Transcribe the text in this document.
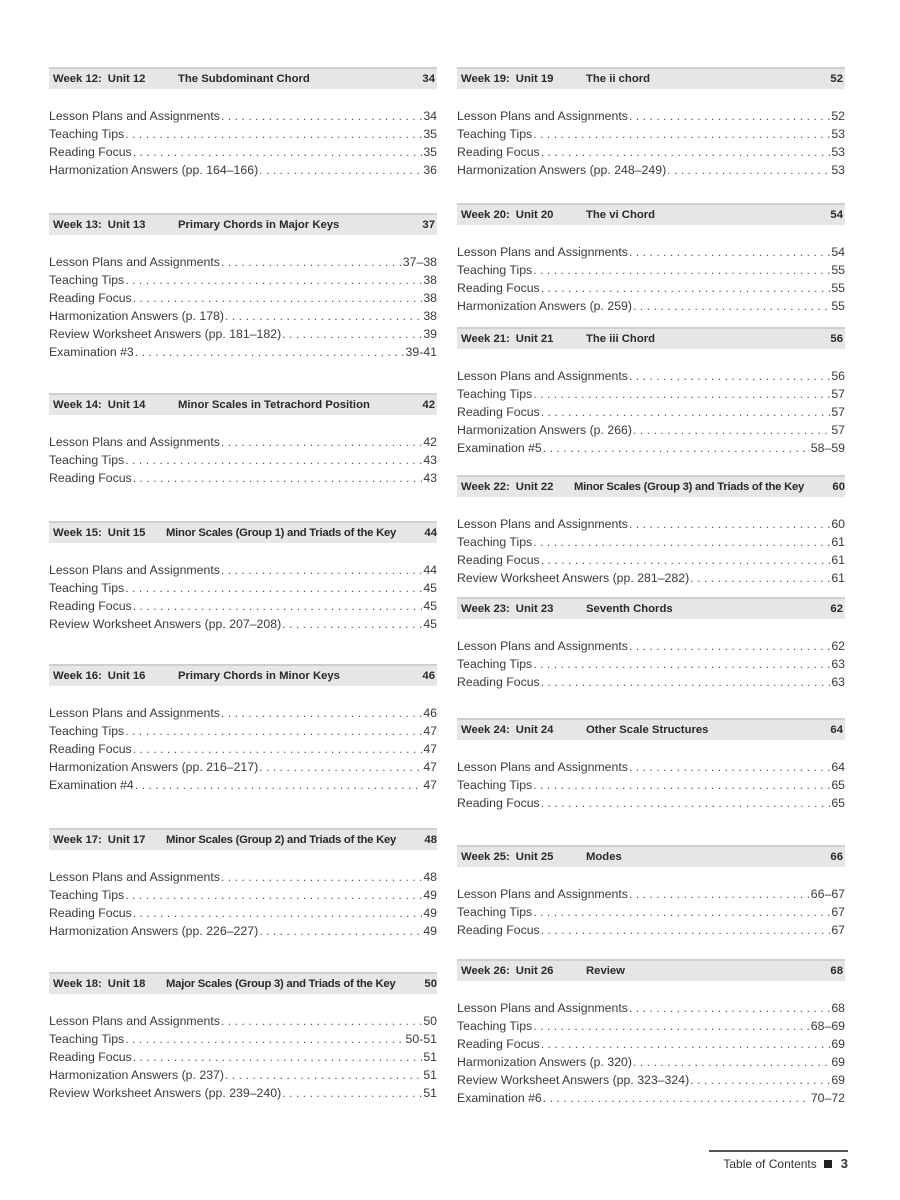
Week 12: Unit 12	The Subdominant Chord	34
Lesson Plans and Assignments . . .	34
Teaching Tips . . .	35
Reading Focus . . .	35
Harmonization Answers (pp. 164–166) . . .	36
Week 13: Unit 13	Primary Chords in Major Keys	37
Lesson Plans and Assignments . . .	37–38
Teaching Tips . . .	38
Reading Focus . . .	38
Harmonization Answers (p. 178) . . .	38
Review Worksheet Answers (pp. 181–182) . . .	39
Examination #3 . . .	39-41
Week 14: Unit 14	Minor Scales in Tetrachord Position	42
Lesson Plans and Assignments . . .	42
Teaching Tips . . .	43
Reading Focus . . .	43
Week 15: Unit 15 Minor Scales (Group 1) and Triads of the Key	44
Lesson Plans and Assignments . . .	44
Teaching Tips . . .	45
Reading Focus . . .	45
Review Worksheet Answers (pp. 207–208) . . .	45
Week 16: Unit 16	Primary Chords in Minor Keys	46
Lesson Plans and Assignments . . .	46
Teaching Tips . . .	47
Reading Focus . . .	47
Harmonization Answers (pp. 216–217) . . .	47
Examination #4 . . .	47
Week 17: Unit 17 Minor Scales (Group 2) and Triads of the Key	48
Lesson Plans and Assignments . . .	48
Teaching Tips . . .	49
Reading Focus . . .	49
Harmonization Answers (pp. 226–227) . . .	49
Week 18: Unit 18 Major Scales (Group 3) and Triads of the Key	50
Lesson Plans and Assignments . . .	50
Teaching Tips . . .	50-51
Reading Focus . . .	51
Harmonization Answers (p. 237) . . .	51
Review Worksheet Answers (pp. 239–240) . . .	51
Week 19: Unit 19	The ii chord	52
Lesson Plans and Assignments . . .	52
Teaching Tips . . .	53
Reading Focus . . .	53
Harmonization Answers (pp. 248–249) . . .	53
Week 20: Unit 20	The vi Chord	54
Lesson Plans and Assignments . . .	54
Teaching Tips . . .	55
Reading Focus . . .	55
Harmonization Answers (p. 259) . . .	55
Week 21: Unit 21	The iii Chord	56
Lesson Plans and Assignments . . .	56
Teaching Tips . . .	57
Reading Focus . . .	57
Harmonization Answers (p. 266) . . .	57
Examination #5 . . .	58–59
Week 22: Unit 22 Minor Scales (Group 3) and Triads of the Key	60
Lesson Plans and Assignments . . .	60
Teaching Tips . . .	61
Reading Focus . . .	61
Review Worksheet Answers (pp. 281–282) . . .	61
Week 23: Unit 23	Seventh Chords	62
Lesson Plans and Assignments . . .	62
Teaching Tips . . .	63
Reading Focus . . .	63
Week 24: Unit 24	Other Scale Structures	64
Lesson Plans and Assignments . . .	64
Teaching Tips . . .	65
Reading Focus . . .	65
Week 25: Unit 25	Modes	66
Lesson Plans and Assignments . . .	66–67
Teaching Tips . . .	67
Reading Focus . . .	67
Week 26: Unit 26	Review	68
Lesson Plans and Assignments . . .	68
Teaching Tips . . .	68–69
Reading Focus . . .	69
Harmonization Answers (p. 320) . . .	69
Review Worksheet Answers (pp. 323–324) . . .	69
Examination #6 . . .	70–72
Table of Contents 3
